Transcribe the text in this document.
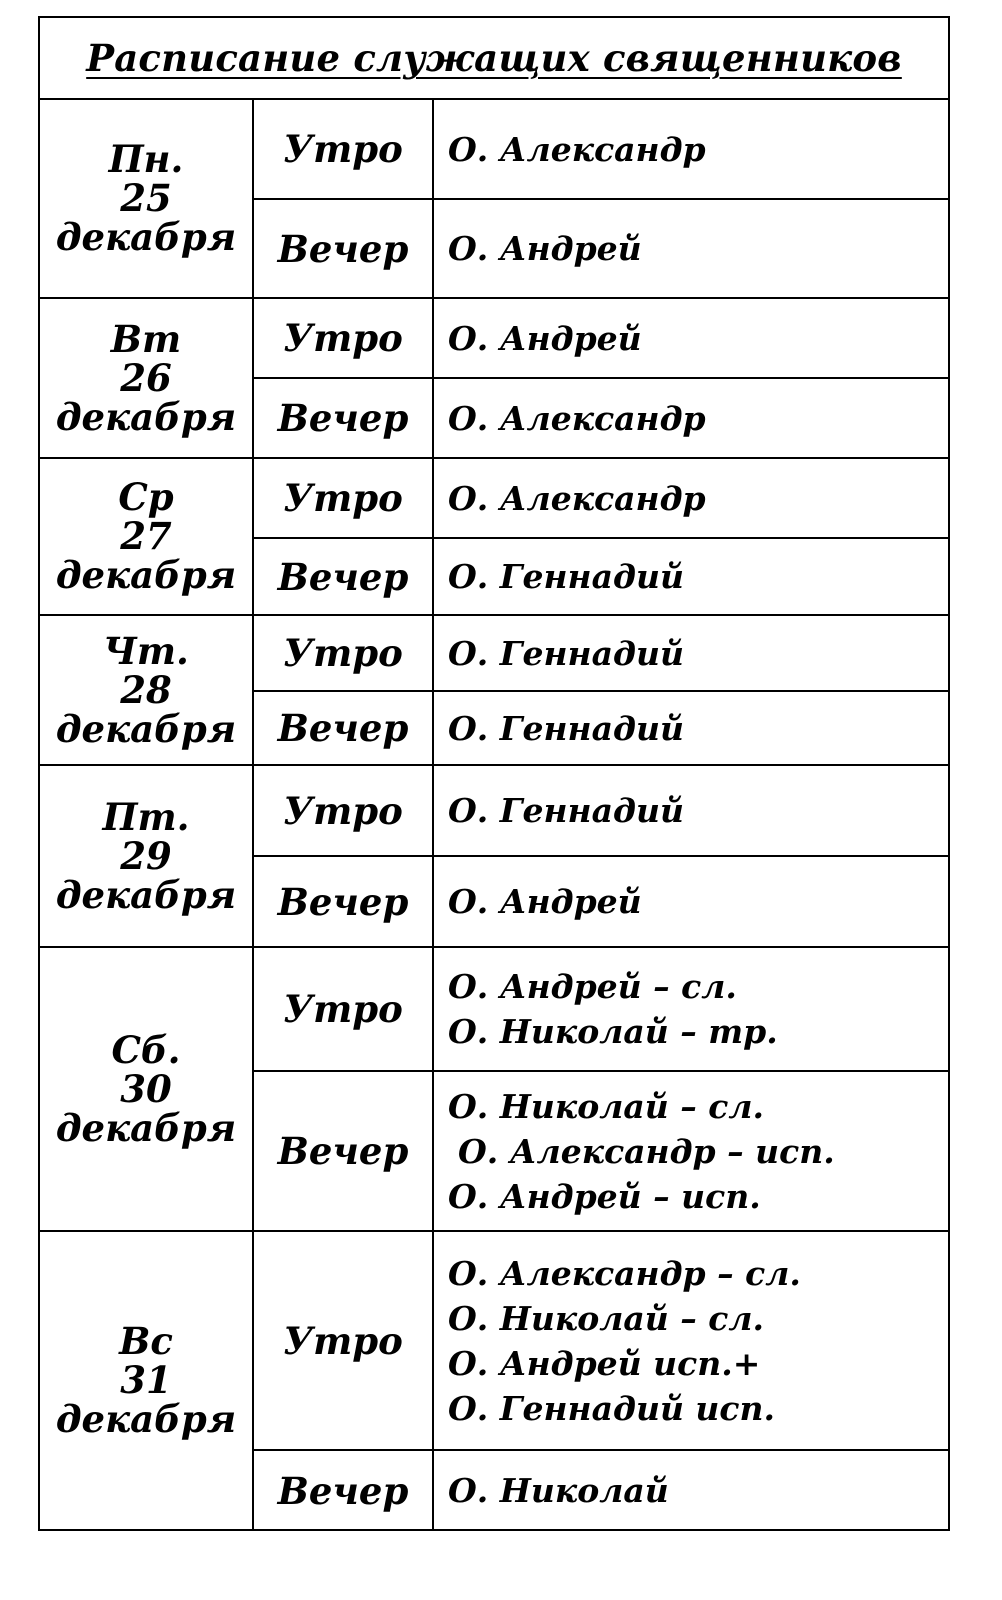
Расписание служащих священников
Пн.
25
декабря	Утро	О. Александр

	Вечер	О. Андрей

Вт
26
декабря	Утро	О. Андрей

	Вечер	О. Александр

Ср
27
декабря	Утро	О. Александр

	Вечер	О. Геннадий

Чт.
28
декабря	Утро	О. Геннадий

	Вечер	О. Геннадий

Пт.
29
декабря	Утро	О. Геннадий

	Вечер	О. Андрей

Сб.
30
декабря	Утро	О. Андрей – сл.
О. Николай – тр.

	Вечер	О. Николай – сл.
О. Александр – исп.
О. Андрей – исп.

Вс
31
декабря	Утро	О. Александр – сл.
О. Николай – сл.
О. Андрей исп.+
О. Геннадий исп.

	Вечер	О. Николай
